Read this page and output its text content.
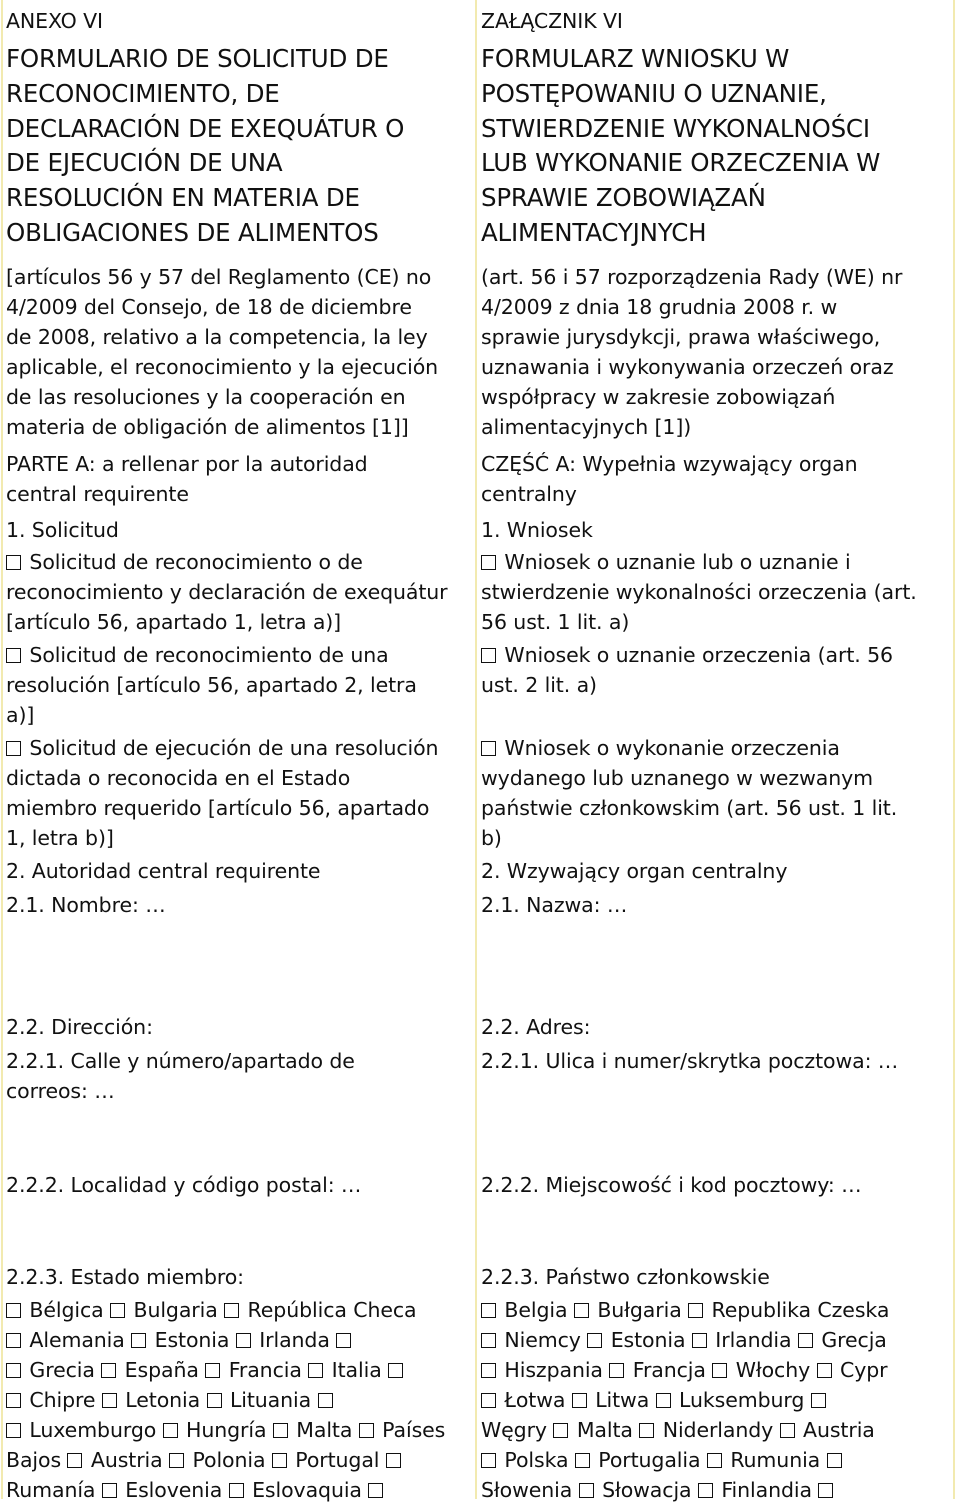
ANEXO VI

FORMULARIO DE SOLICITUD DE
RECONOCIMIENTO, DE
DECLARACIÓN DE EXEQUÁTUR O
DE EJECUCIÓN DE UNA
RESOLUCIÓN EN MATERIA DE
OBLIGACIONES DE ALIMENTOS

[artículos 56 y 57 del Reglamento (CE) no
4/2009 del Consejo, de 18 de diciembre
de 2008, relativo a la competencia, la ley
aplicable, el reconocimiento y la ejecución
de las resoluciones y la cooperación en
materia de obligación de alimentos [1]]

PARTE A: a rellenar por la autoridad
central requirente

1. Solicitud

Solicitud de reconocimiento o de
reconocimiento y declaración de exequátur
[artículo 56, apartado 1, letra a)]

Solicitud de reconocimiento de una
resolución [artículo 56, apartado 2, letra
a)]

Solicitud de ejecución de una resolución
dictada o reconocida en el Estado
miembro requerido [artículo 56, apartado
1, letra b)]

2. Autoridad central requirente

2.1. Nombre: …

2.2. Dirección:

2.2.1. Calle y número/apartado de
correos: …

2.2.2. Localidad y código postal: …

2.2.3. Estado miembro:

Bélgica Bulgaria República Checa
Alemania Estonia Irlanda
Grecia España Francia Italia
Chipre Letonia Lituania
Luxemburgo Hungría Malta Países
Bajos Austria Polonia Portugal
Rumanía Eslovenia Eslovaquia

ZAŁĄCZNIK VI

FORMULARZ WNIOSKU W
POSTĘPOWANIU O UZNANIE,
STWIERDZENIE WYKONALNOŚCI
LUB WYKONANIE ORZECZENIA W
SPRAWIE ZOBOWIĄZAŃ
ALIMENTACYJNYCH

(art. 56 i 57 rozporządzenia Rady (WE) nr
4/2009 z dnia 18 grudnia 2008 r. w
sprawie jurysdykcji, prawa właściwego,
uznawania i wykonywania orzeczeń oraz
współpracy w zakresie zobowiązań
alimentacyjnych [1])

CZĘŚĆ A: Wypełnia wzywający organ
centralny

1. Wniosek

Wniosek o uznanie lub o uznanie i
stwierdzenie wykonalności orzeczenia (art.
56 ust. 1 lit. a)

Wniosek o uznanie orzeczenia (art. 56
ust. 2 lit. a)

Wniosek o wykonanie orzeczenia
wydanego lub uznanego w wezwanym
państwie członkowskim (art. 56 ust. 1 lit.
b)

2. Wzywający organ centralny

2.1. Nazwa: …

2.2. Adres:

2.2.1. Ulica i numer/skrytka pocztowa: …

2.2.2. Miejscowość i kod pocztowy: …

2.2.3. Państwo członkowskie

Belgia Bułgaria Republika Czeska
Niemcy Estonia Irlandia Grecja
Hiszpania Francja Włochy Cypr
Łotwa Litwa Luksemburg
Węgry Malta Niderlandy Austria
Polska Portugalia Rumunia
Słowenia Słowacja Finlandia
